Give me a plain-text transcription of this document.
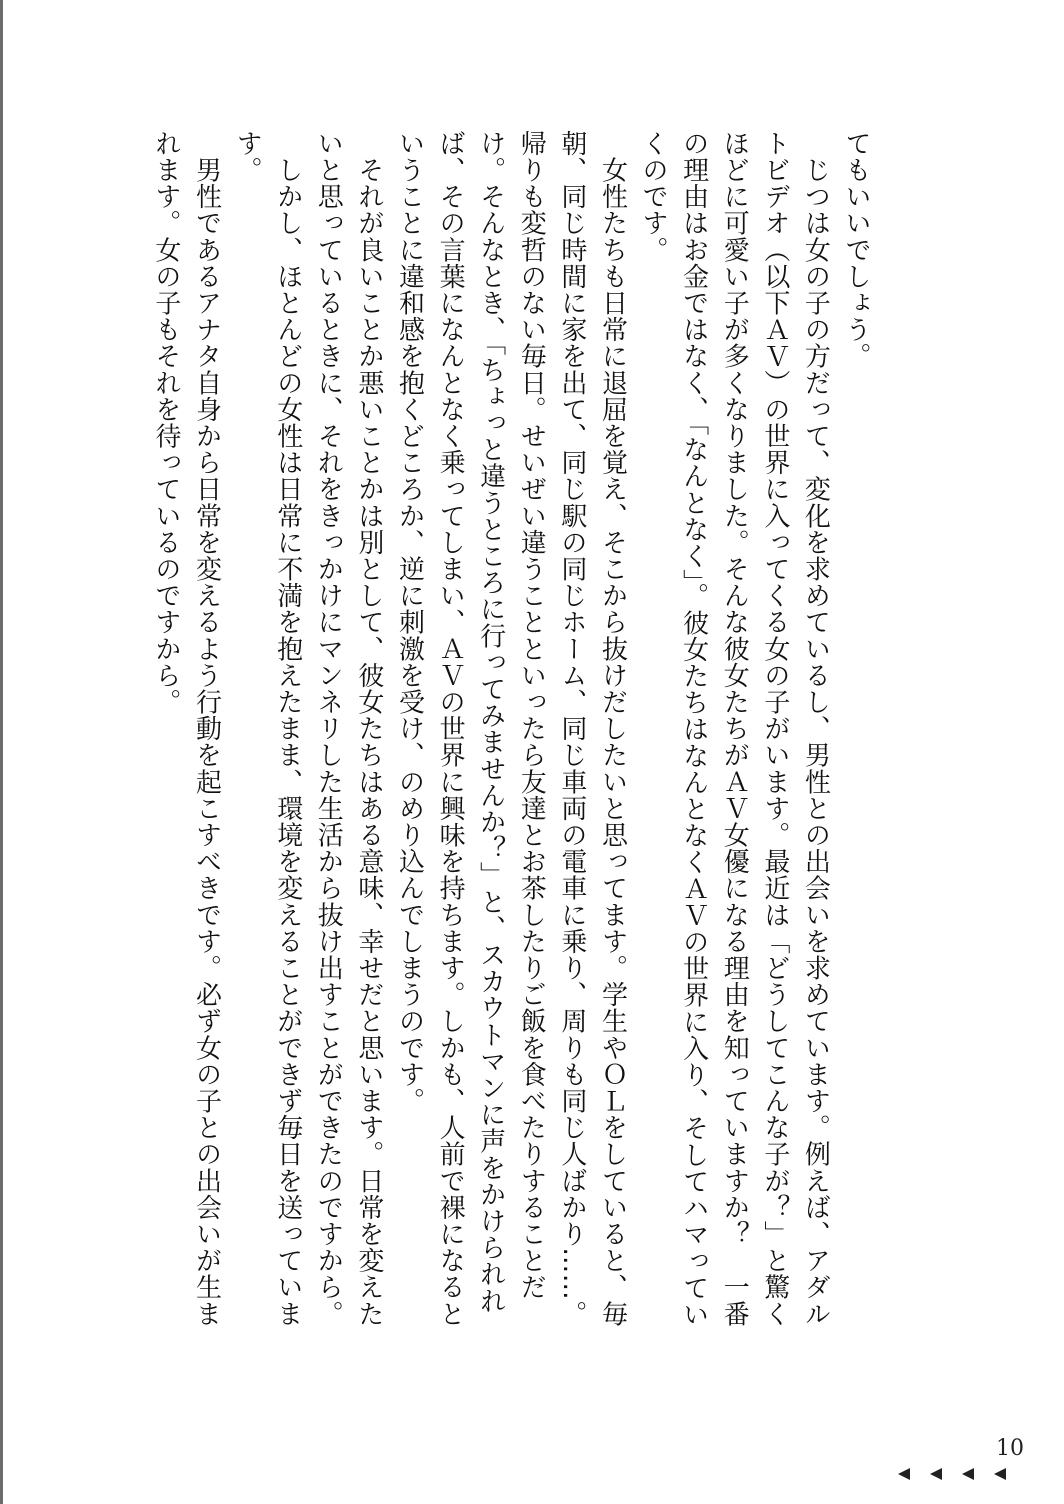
てもいいでしょう。

　じつは女の子の方だって、変化を求めているし、男性との出会いを求めています。例えば、アダルトビデオ（以下ＡＶ）の世界に入ってくる女の子がいます。最近は「どうしてこんな子が？」と驚くほどに可愛い子が多くなりました。そんな彼女たちがＡＶ女優になる理由を知っていますか？　一番の理由はお金ではなく、「なんとなく」。彼女たちはなんとなくＡＶの世界に入り、そしてハマっていくのです。

　女性たちも日常に退屈を覚え、そこから抜けだしたいと思ってます。学生やＯＬをしていると、毎朝、同じ時間に家を出て、同じ駅の同じホーム、同じ車両の電車に乗り、周りも同じ人ばかり……。帰りも変哲のない毎日。せいぜい違うことといったら友達とお茶したりご飯を食べたりすることだけ。そんなとき、「ちょっと違うところに行ってみませんか？」と、スカウトマンに声をかけられれば、その言葉になんとなく乗ってしまい、ＡＶの世界に興味を持ちます。しかも、人前で裸になるということに違和感を抱くどころか、逆に刺激を受け、のめり込んでしまうのです。

　それが良いことか悪いことかは別として、彼女たちはある意味、幸せだと思います。日常を変えたいと思っているときに、それをきっかけにマンネリした生活から抜け出すことができたのですから。

　しかし、ほとんどの女性は日常に不満を抱えたまま、環境を変えることができず毎日を送っています。

　男性であるアナタ自身から日常を変えるよう行動を起こすべきです。必ず女の子との出会いが生まれます。女の子もそれを待っているのですから。

10
